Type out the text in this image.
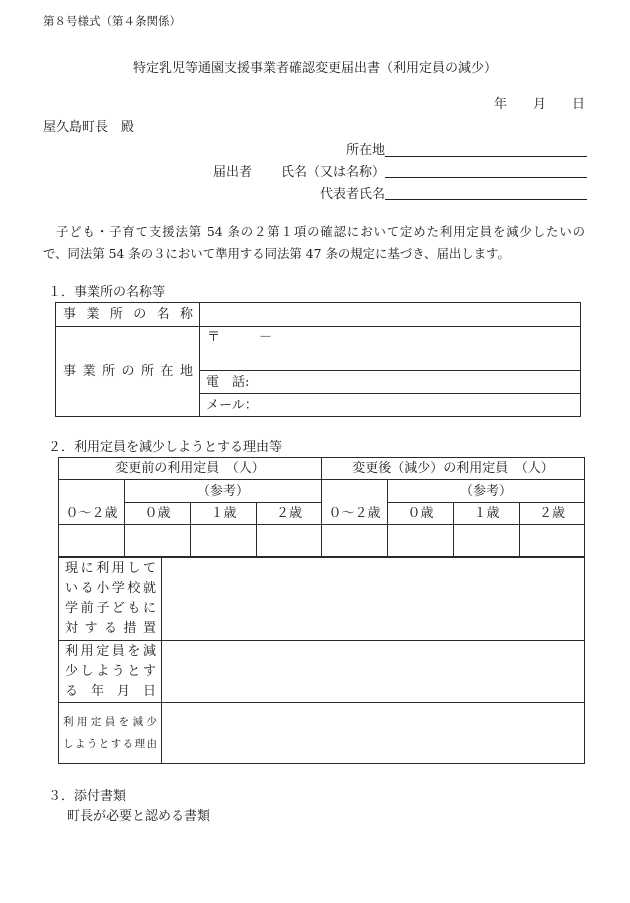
第８号様式（第４条関係）
特定乳児等通園支援事業者確認変更届出書（利用定員の減少）
年　　月　　日
屋久島町長　殿
所在地
届出者 氏名（又は名称）
代表者氏名
子ども・子育て支援法第 54 条の２第１項の確認において定めた利用定員を減少したいの
で、同法第 54 条の３において準用する同法第 47 条の規定に基づき、届出します。
１．事業所の名称等
事 業 所 の 名 称	

事 業 所 の 所 在 地	〒　　　－
	電　話:
	メール：
２．利用定員を減少しようとする理由等
変更前の利用定員　（人）				変更後（減少）の利用定員　（人）			
０～２歳	（参考）			０～２歳	（参考）		
	０歳	１歳	２歳		０歳	１歳	２歳

現に利用して
いる小学校就
学前子どもに
対 す る 措 置	

利用定員を減
少しようとす
る　年　月　日	

利用定員を減少
しようとする理由	

３．添付書類
町長が必要と認める書類
